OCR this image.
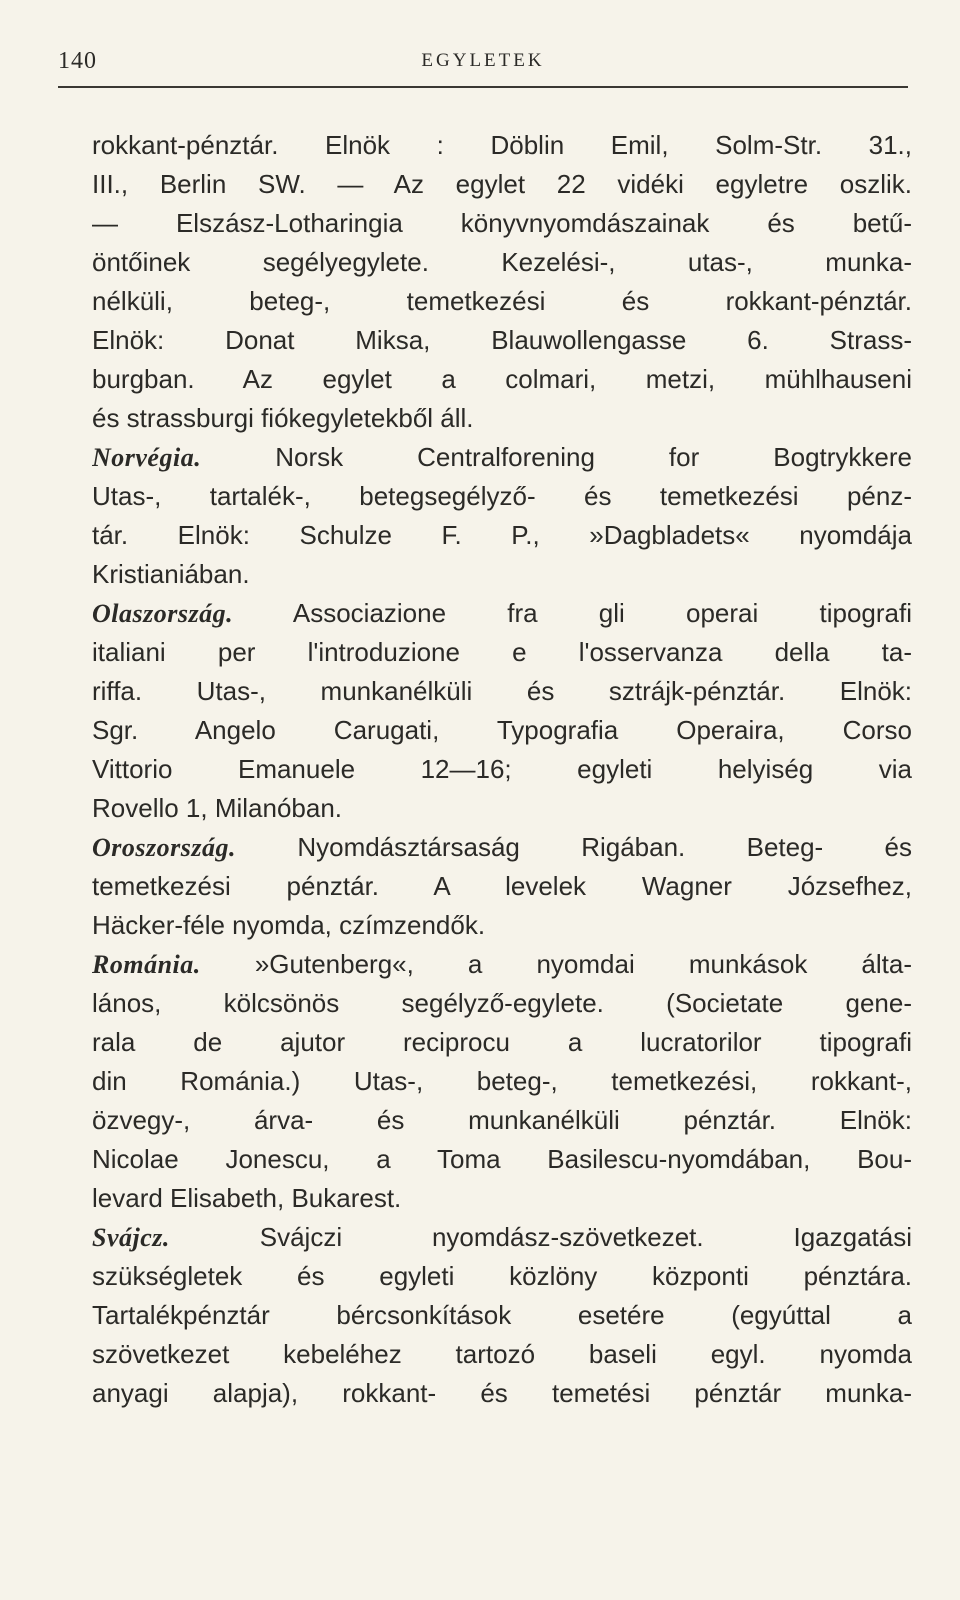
140	EGYLETEK
rokkant-pénztár. Elnök : Döblin Emil, Solm-Str. 31.,
III., Berlin SW. — Az egylet 22 vidéki egyletre oszlik.
— Elszász-Lotharingia könyvnyomdászainak és betű-
öntőinek segélyegylete. Kezelési-, utas-, munka-
nélküli, beteg-, temetkezési és rokkant-pénztár.
Elnök: Donat Miksa, Blauwollengasse 6. Strass-
burgban. Az egylet a colmari, metzi, mühlhauseni
és strassburgi fiókegyletekből áll.
Norvégia. Norsk Centralforening for Bogtrykkere
Utas-, tartalék-, betegsegélyző- és temetkezési pénz-
tár. Elnök: Schulze F. P., »Dagbladets« nyomdája
Kristianiában.
Olaszország. Associazione fra gli operai tipografi
italiani per l'introduzione e l'osservanza della ta-
riffa. Utas-, munkanélküli és sztrájk-pénztár. Elnök:
Sgr. Angelo Carugati, Typografia Operaira, Corso
Vittorio Emanuele 12—16; egyleti helyiség via
Rovello 1, Milanóban.
Oroszország. Nyomdásztársaság Rigában. Beteg- és
temetkezési pénztár. A levelek Wagner Józsefhez,
Häcker-féle nyomda, czímzendők.
Románia. »Gutenberg«, a nyomdai munkások álta-
lános, kölcsönös segélyző-egylete. (Societate gene-
rala de ajutor reciprocu a lucratorilor tipografi
din Románia.) Utas-, beteg-, temetkezési, rokkant-,
özvegy-, árva- és munkanélküli pénztár. Elnök:
Nicolae Jonescu, a Toma Basilescu-nyomdában, Bou-
levard Elisabeth, Bukarest.
Svájcz. Svájczi nyomdász-szövetkezet. Igazgatási
szükségletek és egyleti közlöny központi pénztára.
Tartalékpénztár bércsonkítások esetére (egyúttal a
szövetkezet kebeléhez tartozó baseli egyl. nyomda
anyagi alapja), rokkant- és temetési pénztár munka-
